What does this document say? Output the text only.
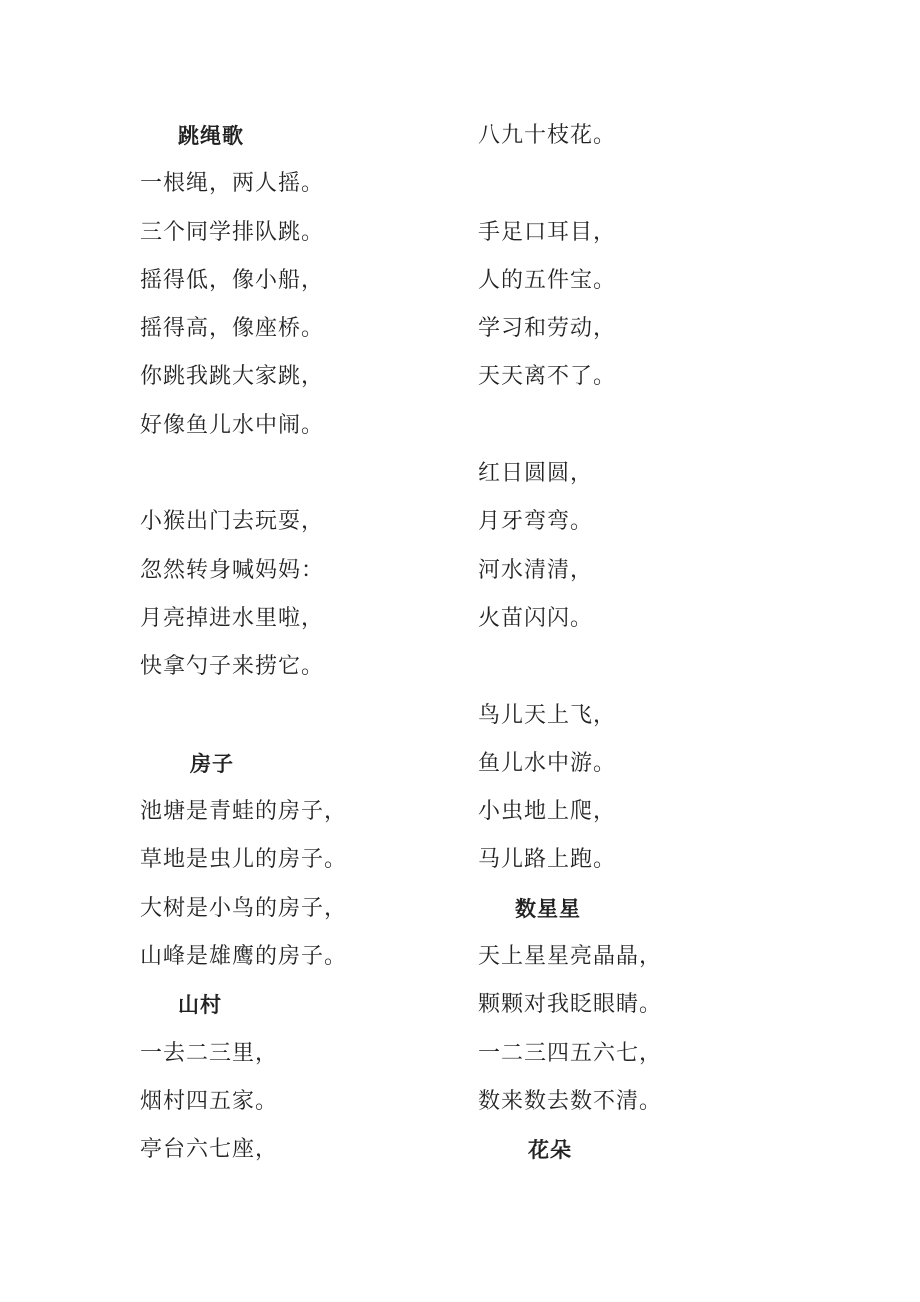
跳绳歌
一根绳，两人摇。
三个同学排队跳。
摇得低，像小船，
摇得高，像座桥。
你跳我跳大家跳，
好像鱼儿水中闹。
小猴出门去玩耍，
忽然转身喊妈妈：
月亮掉进水里啦，
快拿勺子来捞它。
房子
池塘是青蛙的房子，
草地是虫儿的房子。
大树是小鸟的房子，
山峰是雄鹰的房子。
山村
一去二三里，
烟村四五家。
亭台六七座，
八九十枝花。
手足口耳目，
人的五件宝。
学习和劳动，
天天离不了。
红日圆圆，
月牙弯弯。
河水清清，
火苗闪闪。
鸟儿天上飞，
鱼儿水中游。
小虫地上爬，
马儿路上跑。
数星星
天上星星亮晶晶，
颗颗对我眨眼睛。
一二三四五六七，
数来数去数不清。
花朵
